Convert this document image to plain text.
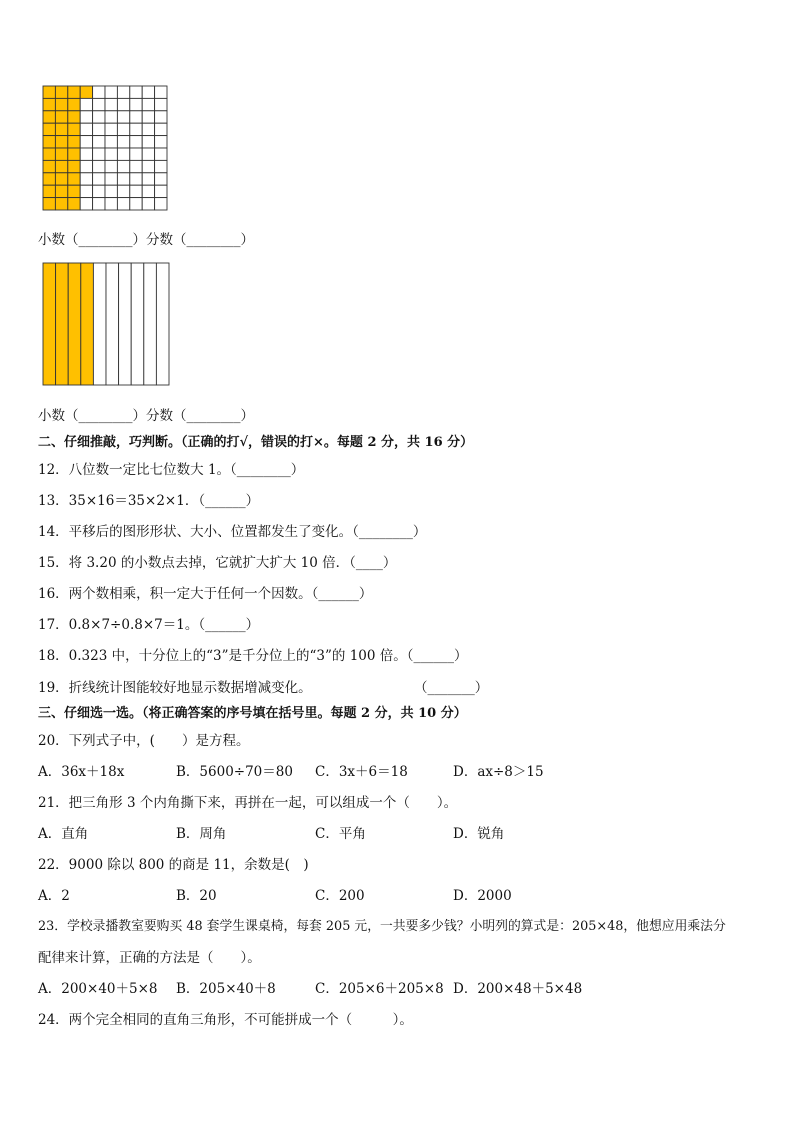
小数（________）分数（________）
小数（________）分数（________）
二、仔细推敲，巧判断。（正确的打√，错误的打×。每题 2 分，共 16 分）
12．八位数一定比七位数大 1。（________）
13．35×16＝35×2×1．（______）
14．平移后的图形形状、大小、位置都发生了变化。（________）
15．将 3.20 的小数点去掉，它就扩大扩大 10 倍．（____）
16．两个数相乘，积一定大于任何一个因数。（______）
17．0.8×7÷0.8×7＝1。（______）
18．0.323 中，十分位上的“3”是千分位上的“3”的 100 倍。（______）
19．折线统计图能较好地显示数据增减变化。	（_______）
三、仔细选一选。（将正确答案的序号填在括号里。每题 2 分，共 10 分）
20．下列式子中，(　　）是方程。
A．36x＋18x	B．5600÷70＝80 C．3x＋6＝18	D．ax÷8＞15
21．把三角形 3 个内角撕下来，再拼在一起，可以组成一个（　　）。
A．直角	B．周角	C．平角	D．锐角
22．9000 除以 800 的商是 11，余数是(　)
A．2	B．20	C．200	D．2000
23．学校录播教室要购买 48 套学生课桌椅，每套 205 元，一共要多少钱？小明列的算式是：205×48，他想应用乘法分
配律来计算，正确的方法是（　　）。
A．200×40＋5×8 B．205×40＋8	C．205×6＋205×8 D．200×48＋5×48
24．两个完全相同的直角三角形，不可能拼成一个（　　　）。
